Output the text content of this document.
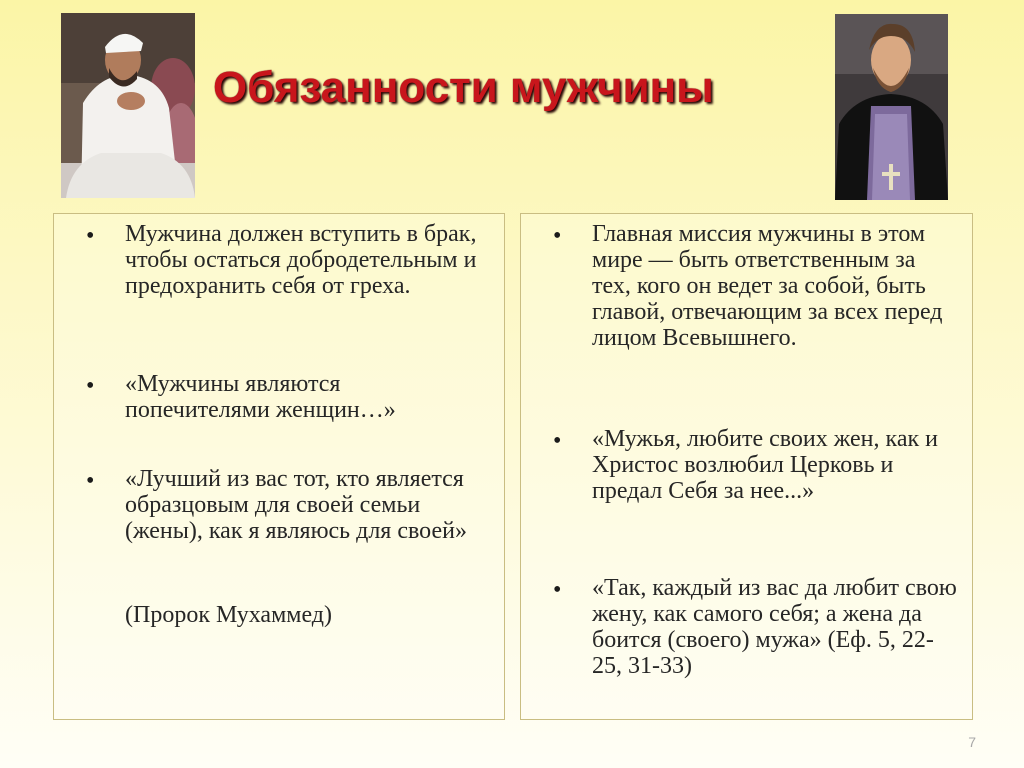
Обязанности мужчины
• Мужчина должен вступить в брак, чтобы остаться добродетельным и предохранить себя от греха.
• «Мужчины являются попечителями женщин…»
• «Лучший из вас тот, кто является образцовым для своей семьи (жены), как я являюсь для своей»
(Пророк Мухаммед)
• Главная миссия мужчины в этом мире — быть ответственным за тех, кого он ведет за собой, быть главой, отвечающим за всех перед лицом Всевышнего.
• «Мужья, любите своих жен, как и Христос возлюбил Церковь и предал Себя за нее...»
• «Так, каждый из вас да любит свою жену, как самого себя; а жена да боится (своего) мужа» (Еф. 5, 22-25, 31-33)
7
